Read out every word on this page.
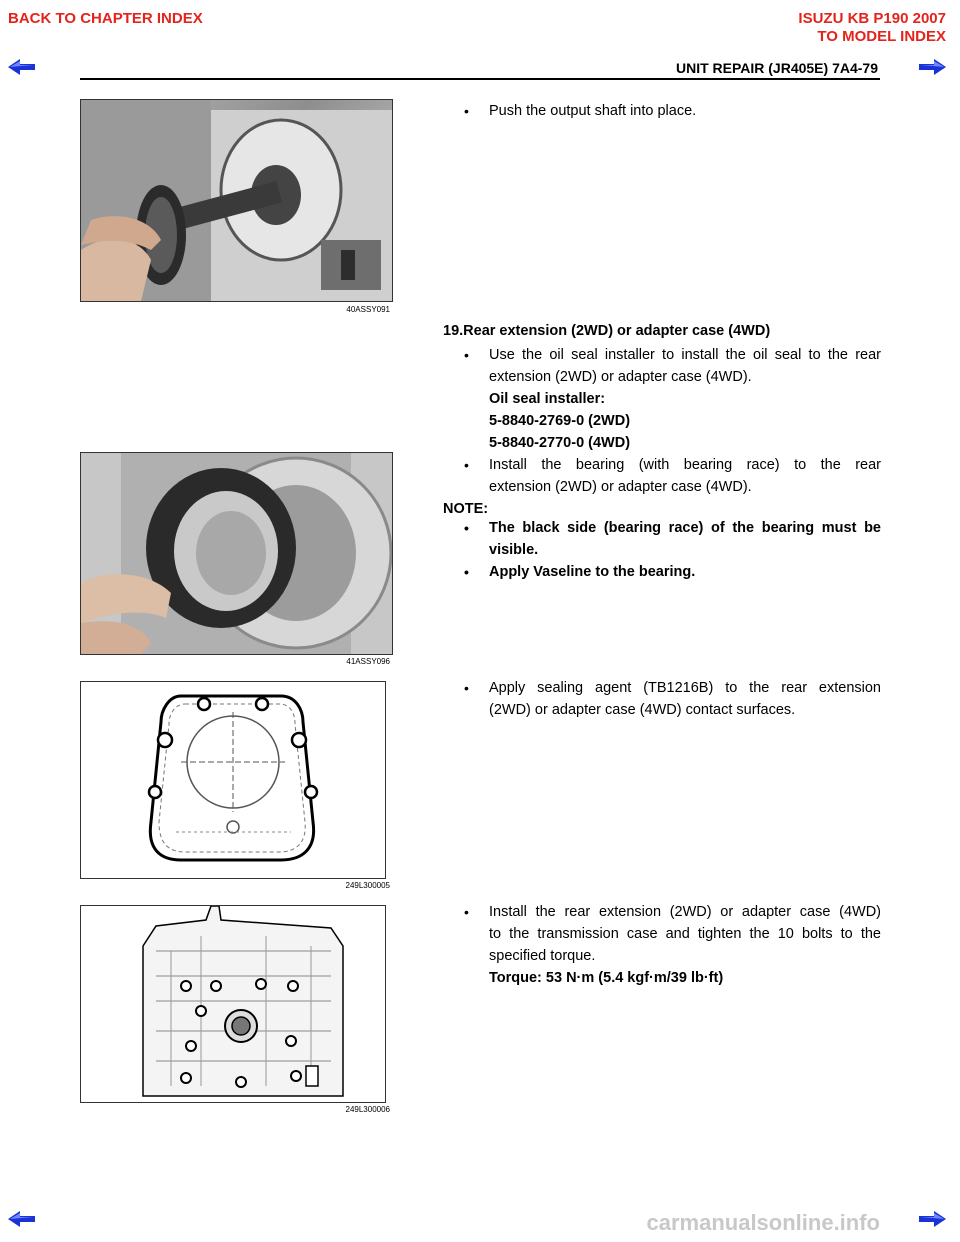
BACK TO CHAPTER INDEX	ISUZU KB P190 2007
TO MODEL INDEX
UNIT REPAIR (JR405E) 7A4-79
40ASSY091
• Push the output shaft into place.
19.Rear extension (2WD) or adapter case (4WD)
• Use the oil seal installer to install the oil seal to the rear
extension (2WD) or adapter case (4WD).
Oil seal installer:
5-8840-2769-0 (2WD)
5-8840-2770-0 (4WD)
41ASSY096
• Install the bearing (with bearing race) to the rear
extension (2WD) or adapter case (4WD).
NOTE:
• The black side (bearing race) of the bearing must be
visible.
• Apply Vaseline to the bearing.
249L300005
• Apply sealing agent (TB1216B) to the rear extension
(2WD) or adapter case (4WD) contact surfaces.
249L300006
• Install the rear extension (2WD) or adapter case (4WD)
to the transmission case and tighten the 10 bolts to the
specified torque.
Torque: 53 N·m (5.4 kgf·m/39 lb·ft)
carmanualsonline.info
